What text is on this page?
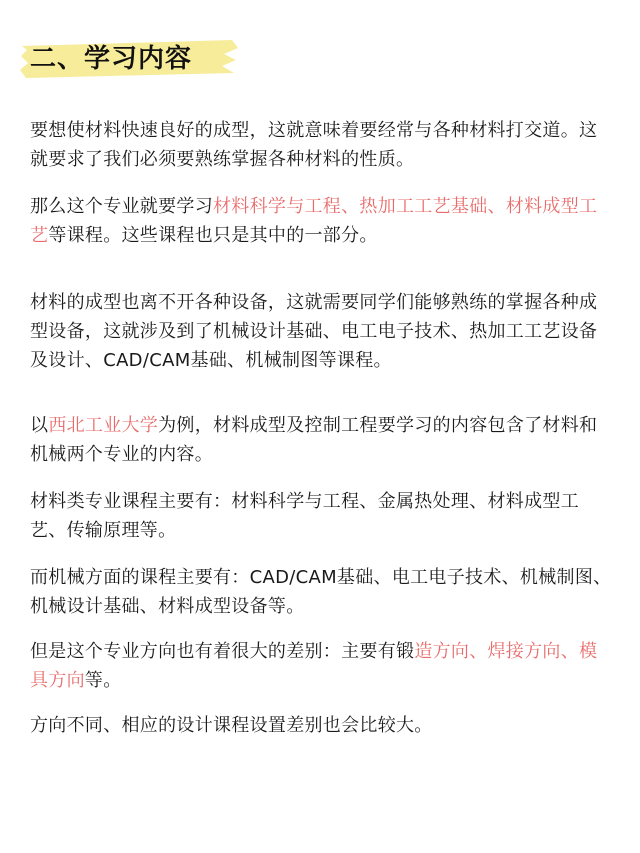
二、学习内容

要想使材料快速良好的成型，这就意味着要经常与各种材料打交道。这就要求了我们必须要熟练掌握各种材料的性质。

那么这个专业就要学习材料科学与工程、热加工工艺基础、材料成型工艺等课程。这些课程也只是其中的一部分。

材料的成型也离不开各种设备，这就需要同学们能够熟练的掌握各种成型设备，这就涉及到了机械设计基础、电工电子技术、热加工工艺设备及设计、CAD/CAM基础、机械制图等课程。

以西北工业大学为例，材料成型及控制工程要学习的内容包含了材料和机械两个专业的内容。

材料类专业课程主要有：材料科学与工程、金属热处理、材料成型工艺、传输原理等。

而机械方面的课程主要有：CAD/CAM基础、电工电子技术、机械制图、机械设计基础、材料成型设备等。

但是这个专业方向也有着很大的差别：主要有锻造方向、焊接方向、模具方向等。

方向不同、相应的设计课程设置差别也会比较大。
